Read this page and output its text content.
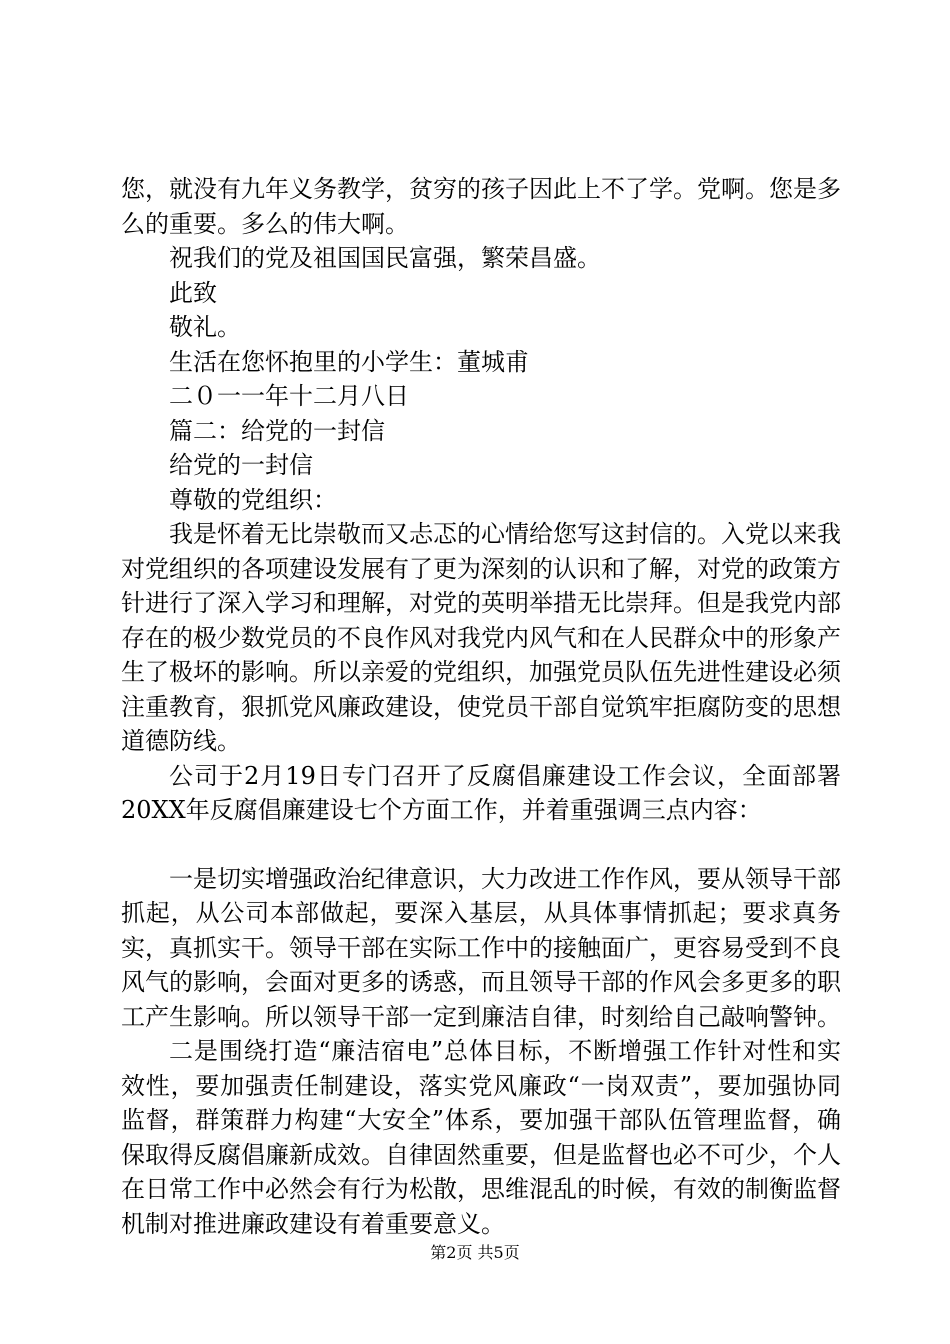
您，就没有九年义务教学，贫穷的孩子因此上不了学。党啊。您是多么的重要。多么的伟大啊。

祝我们的党及祖国国民富强，繁荣昌盛。

此致

敬礼。

生活在您怀抱里的小学生：董城甫

二０一一年十二月八日

篇二：给党的一封信

给党的一封信

尊敬的党组织：

我是怀着无比崇敬而又忐忑的心情给您写这封信的。入党以来我对党组织的各项建设发展有了更为深刻的认识和了解，对党的政策方针进行了深入学习和理解，对党的英明举措无比崇拜。但是我党内部存在的极少数党员的不良作风对我党内风气和在人民群众中的形象产生了极坏的影响。所以亲爱的党组织，加强党员队伍先进性建设必须注重教育，狠抓党风廉政建设，使党员干部自觉筑牢拒腐防变的思想道德防线。

公司于2月19日专门召开了反腐倡廉建设工作会议，全面部署20XX年反腐倡廉建设七个方面工作，并着重强调三点内容：

一是切实增强政治纪律意识，大力改进工作作风，要从领导干部抓起，从公司本部做起，要深入基层，从具体事情抓起；要求真务实，真抓实干。领导干部在实际工作中的接触面广，更容易受到不良风气的影响，会面对更多的诱惑，而且领导干部的作风会多更多的职工产生影响。所以领导干部一定到廉洁自律，时刻给自己敲响警钟。

二是围绕打造“廉洁宿电”总体目标，不断增强工作针对性和实效性，要加强责任制建设，落实党风廉政“一岗双责”，要加强协同监督，群策群力构建“大安全”体系，要加强干部队伍管理监督，确保取得反腐倡廉新成效。自律固然重要，但是监督也必不可少，个人在日常工作中必然会有行为松散，思维混乱的时候，有效的制衡监督机制对推进廉政建设有着重要意义。

第2页 共5页
